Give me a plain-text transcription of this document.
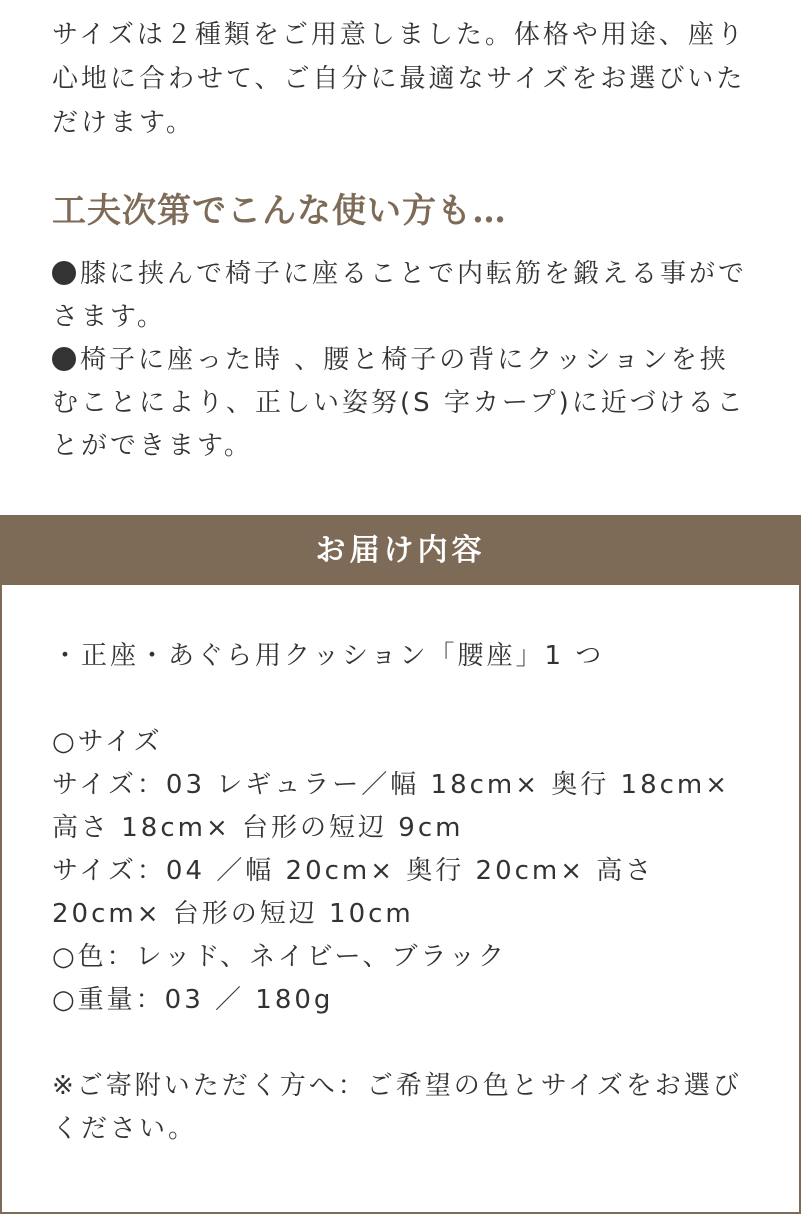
サイズは２種類をご用意しました。体格や用途、座り心地に合わせて、ご自分に最適なサイズをお選びいただけます。

工夫次第でこんな使い方も…

膝に挟んで椅子に座ることで内転筋を鍛える事がでさます。

椅子に座った時 、腰と椅子の背にクッションを挟むことにより、正しい姿努(S 字カープ)に近づけることができます。

お届け内容

・正座・あぐら用クッション「腰座」1 つ

○サイズ

サイズ：03 レギュラー／幅 18cm× 奥行 18cm× 高さ 18cm× 台形の短辺 9cm

サイズ：04 ／幅 20cm× 奥行 20cm× 高さ 20cm× 台形の短辺 10cm

○色：レッド、ネイビー、ブラック

○重量：03 ／ 180g

※ご寄附いただく方へ：ご希望の色とサイズをお選びください。
